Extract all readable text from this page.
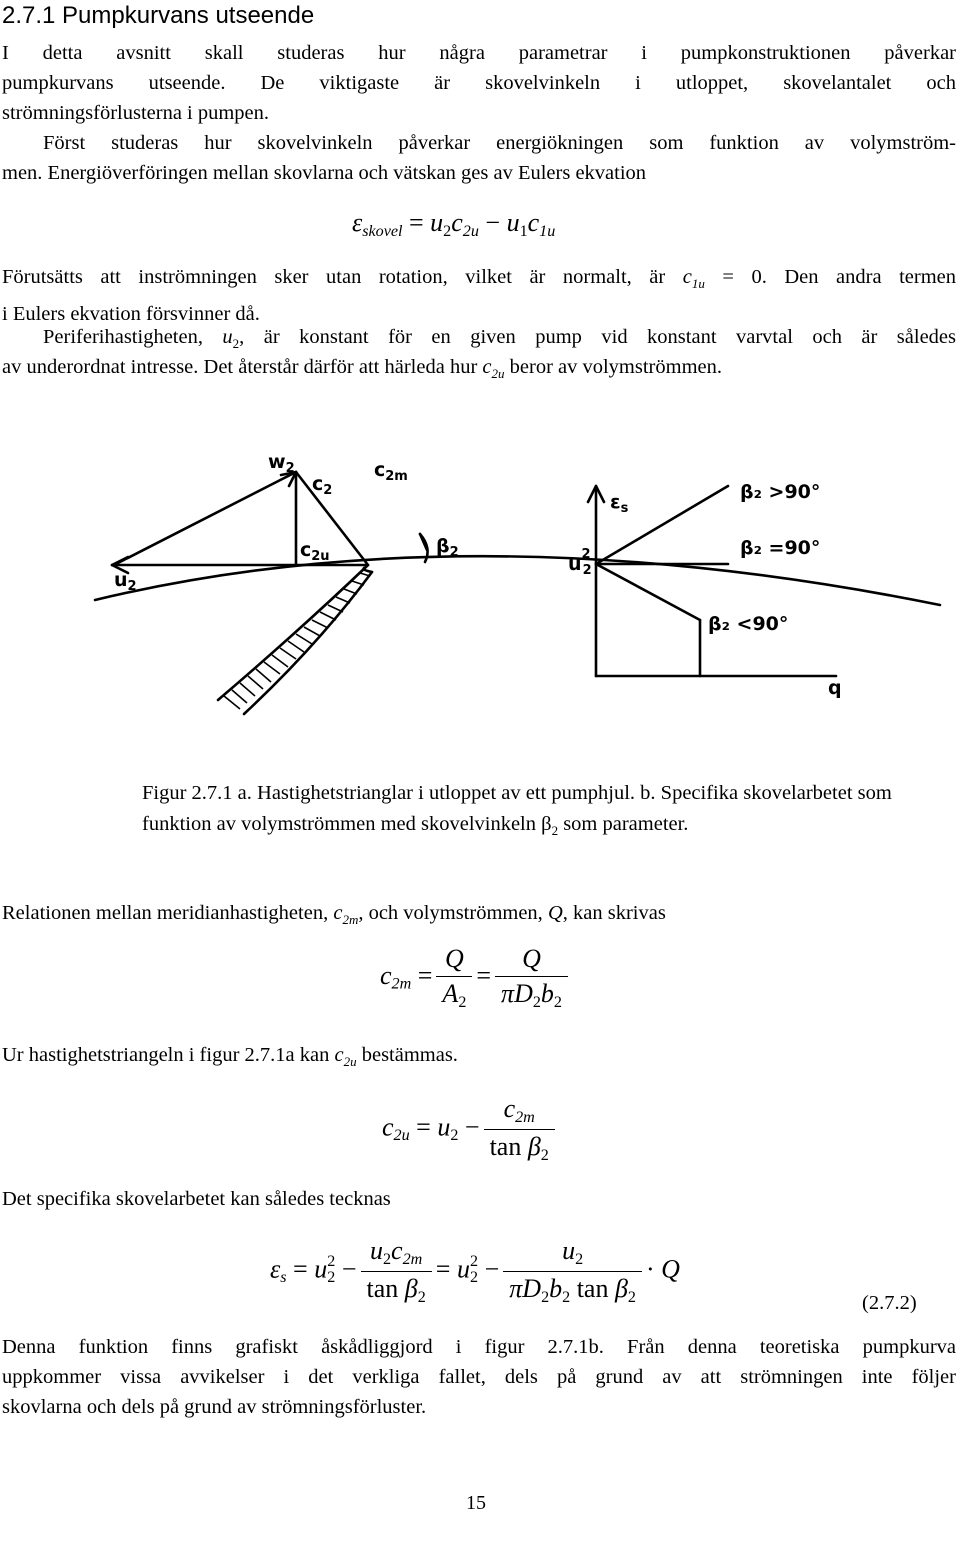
2.7.1 Pumpkurvans utseende
I detta avsnitt skall studeras hur några parametrar i pumpkonstruktionen påverkar
pumpkurvans utseende. De viktigaste är skovelvinkeln i utloppet, skovelantalet och
strömningsförlusterna i pumpen.
Först studeras hur skovelvinkeln påverkar energiökningen som funktion av volymström-
men. Energiöverföringen mellan skovlarna och vätskan ges av Eulers ekvation
$\varepsilon_{skovel} = u_2c_{2u} - u_1c_{1u}$
Förutsätts att inströmningen sker utan rotation, vilket är normalt, är $c_{1u} = 0$. Den andra termen
i Eulers ekvation försvinner då.
Periferihastigheten, $u_2$, är konstant för en given pump vid konstant varvtal och är således
av underordnat intresse. Det återstår därför att härleda hur $c_{2u}$ beror av volymströmmen.
$w_2$
$c_2$
$c_{2m}$
$c_{2u}$	$\beta_2$
$u_2$
$\varepsilon_s$
$u^2$ 2
β₂ >90°
β₂ =90°
β₂ <90°
q
Figur 2.7.1 a. Hastighetstrianglar i utloppet av ett pumphjul. b. Specifika skovelarbetet som
funktion av volymströmmen med skovelvinkeln $\beta_2$ som parameter.
Relationen mellan meridianhastigheten, $c_{2m}$, och volymströmmen, Q, kan skrivas
$c_{2m} = \frac{Q}{A_2} = \frac{Q}{\pi D_2b_2}$
Ur hastighetstriangeln i figur 2.7.1a kan $c_{2u}$ bestämmas.
$c_{2u} = u_2 - \frac{c_{2m}}{\tan \beta_2}$
Det specifika skovelarbetet kan således tecknas
$\varepsilon_s = u_2^2 - \frac{u_2c_{2m}}{\tan \beta_2} = u_2^2 - \frac{u_2}{\pi D_2b_2 \tan \beta_2} \cdot Q$
(2.7.2)
Denna funktion finns grafiskt åskådliggjord i figur 2.7.1b. Från denna teoretiska pumpkurva
uppkommer vissa avvikelser i det verkliga fallet, dels på grund av att strömningen inte följer
skovlarna och dels på grund av strömningsförluster.
15
